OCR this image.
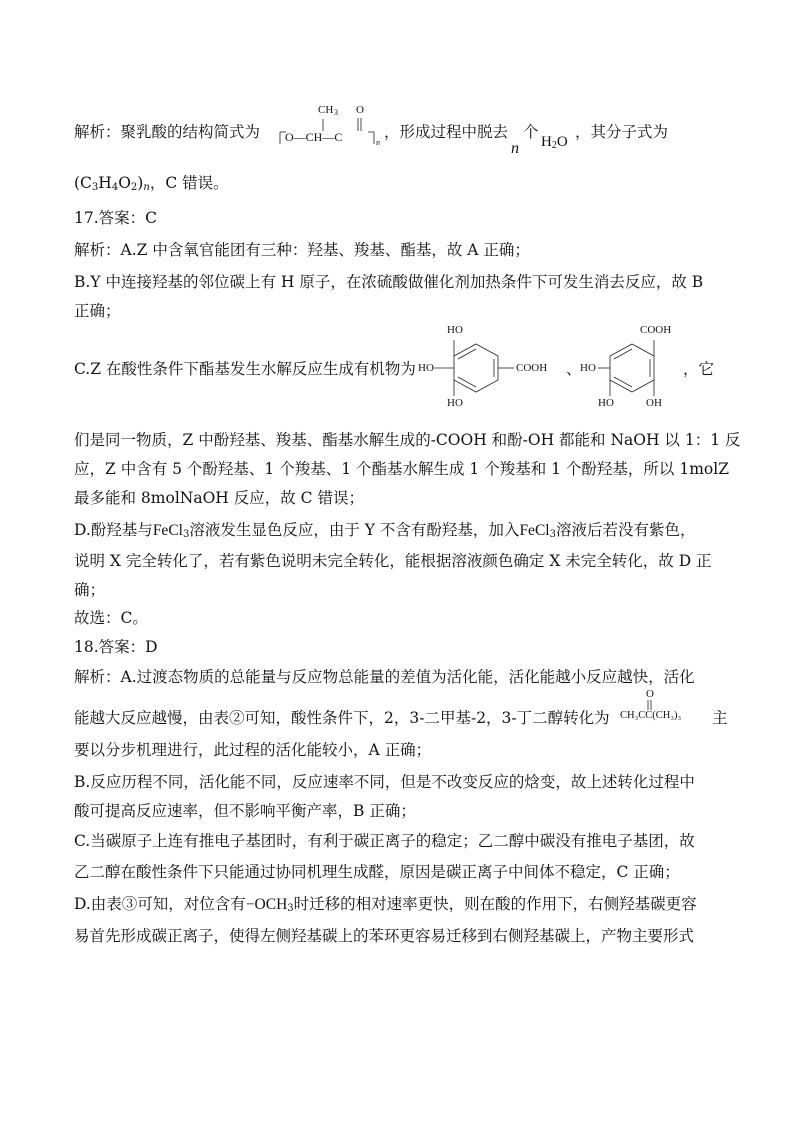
解析：聚乳酸的结构简式为
CH 3 O
O—CH—C	n
，形成过程中脱去 个
n $H_2O$
，其分子式为
$(C_3H_4O_2)_n$，C 错误。
17.答案：C
解析：A.Z 中含氧官能团有三种：羟基、羧基、酯基，故 A 正确；
B.Y 中连接羟基的邻位碳上有 H 原子，在浓硫酸做催化剂加热条件下可发生消去反应，故 B
正确；
C.Z 在酸性条件下酯基发生水解反应生成有机物为
HO
HO
HO
COOH 、
COOH
HO
HO	OH
，它
们是同一物质，Z 中酚羟基、羧基、酯基水解生成的-COOH 和酚-OH 都能和 NaOH 以 1：1 反
应，Z 中含有 5 个酚羟基、1 个羧基、1 个酯基水解生成 1 个羧基和 1 个酚羟基，所以 1molZ
最多能和 8molNaOH 反应，故 C 错误；
D.酚羟基与FeCl$_3$溶液发生显色反应，由于 Y 不含有酚羟基，加入FeCl$_3$溶液后若没有紫色，
说明 X 完全转化了，若有紫色说明未完全转化，能根据溶液颜色确定 X 未完全转化，故 D 正
确；
故选：C。
18.答案：D
解析：A.过渡态物质的总能量与反应物总能量的差值为活化能，活化能越小反应越快，活化
能越大反应越慢，由表②可知，酸性条件下，2，3-二甲基-2，3-丁二醇转化为
O
CH₃CC(CH₃)₃ 主
要以分步机理进行，此过程的活化能较小，A 正确；
B.反应历程不同，活化能不同，反应速率不同，但是不改变反应的焓变，故上述转化过程中
酸可提高反应速率，但不影响平衡产率，B 正确；
C.当碳原子上连有推电子基团时，有利于碳正离子的稳定；乙二醇中碳没有推电子基团，故
乙二醇在酸性条件下只能通过协同机理生成醛，原因是碳正离子中间体不稳定，C 正确；
D.由表③可知，对位含有$-OCH_3$时迁移的相对速率更快，则在酸的作用下，右侧羟基碳更容
易首先形成碳正离子，使得左侧羟基碳上的苯环更容易迁移到右侧羟基碳上，产物主要形式
